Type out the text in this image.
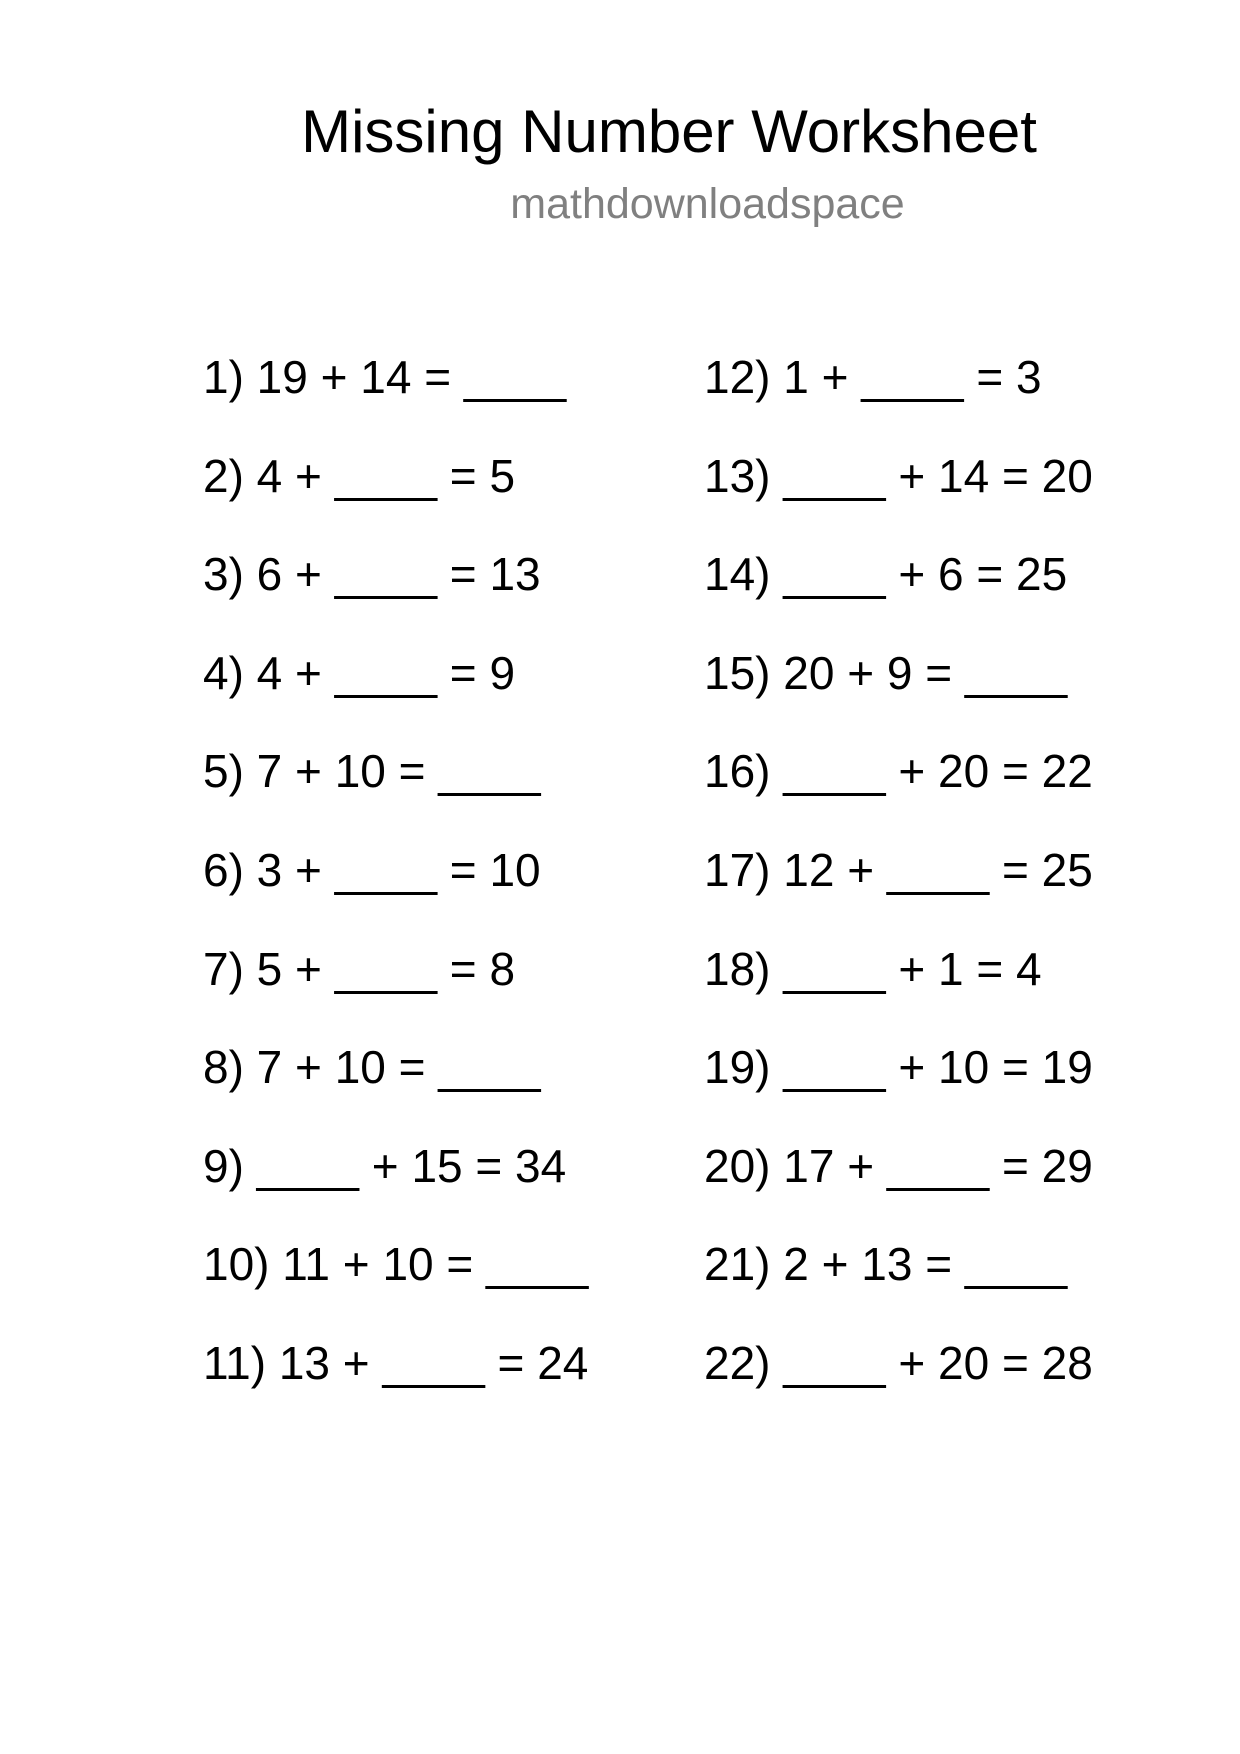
Missing Number Worksheet
mathdownloadspace
1) 19 + 14 = ____
2) 4 + ____ = 5
3) 6 + ____ = 13
4) 4 + ____ = 9
5) 7 + 10 = ____
6) 3 + ____ = 10
7) 5 + ____ = 8
8) 7 + 10 = ____
9) ____ + 15 = 34
10) 11 + 10 = ____
11) 13 + ____ = 24
12) 1 + ____ = 3
13) ____ + 14 = 20
14) ____ + 6 = 25
15) 20 + 9 = ____
16) ____ + 20 = 22
17) 12 + ____ = 25
18) ____ + 1 = 4
19) ____ + 10 = 19
20) 17 + ____ = 29
21) 2 + 13 = ____
22) ____ + 20 = 28
